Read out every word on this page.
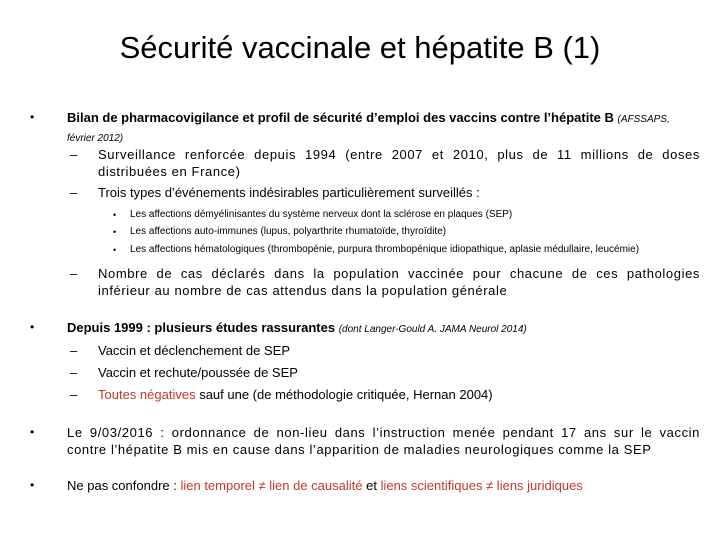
Sécurité vaccinale et hépatite B (1)
•	Bilan de pharmacovigilance et profil de sécurité d’emploi des vaccins contre l’hépatite B (AFSSAPS,
février 2012)
– Surveillance renforcée depuis 1994 (entre 2007 et 2010, plus de 11 millions de doses distribuées en France)
– Trois types d’événements indésirables particulièrement surveillés :
• Les affections démyélinisantes du système nerveux dont la sclérose en plaques (SEP)
• Les affections auto-immunes (lupus, polyarthrite rhumatoïde, thyroïdite)
• Les affections hématologiques (thrombopénie, purpura thrombopénique idiopathique, aplasie médullaire, leucémie)
– Nombre de cas déclarés dans la population vaccinée pour chacune de ces pathologies inférieur au nombre de cas attendus dans la population générale
•	Depuis 1999 : plusieurs études rassurantes (dont Langer-Gould A. JAMA Neurol 2014)
– Vaccin et déclenchement de SEP
– Vaccin et rechute/poussée de SEP
– Toutes négatives sauf une (de méthodologie critiquée, Hernan 2004)
•	Le 9/03/2016 : ordonnance de non-lieu dans l’instruction menée pendant 17 ans sur le vaccin contre l’hépatite B mis en cause dans l’apparition de maladies neurologiques comme la SEP
•	Ne pas confondre : lien temporel ≠ lien de causalité et liens scientifiques ≠ liens juridiques
